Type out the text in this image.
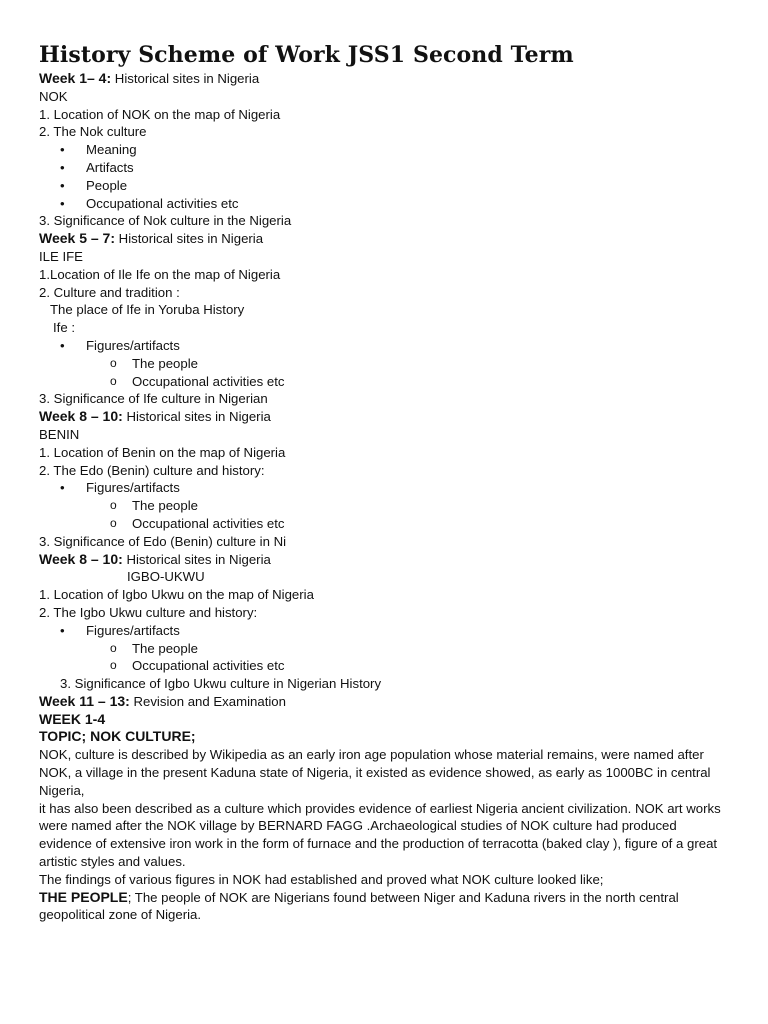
History Scheme of Work JSS1 Second Term
Week 1– 4: Historical sites in Nigeria
NOK
1. Location of NOK on the map of Nigeria
2. The Nok culture
• Meaning
• Artifacts
• People
• Occupational activities etc
3. Significance of Nok culture in the Nigeria
Week 5 – 7: Historical sites in Nigeria
ILE IFE
1.Location of Ile Ife on the map of Nigeria
2. Culture and tradition :
The place of Ife in Yoruba History
Ife :
• Figures/artifacts
o The people
o Occupational activities etc
3. Significance of Ife culture in Nigerian
Week 8 – 10: Historical sites in Nigeria
BENIN
1. Location of Benin on the map of Nigeria
2. The Edo (Benin) culture and history:
• Figures/artifacts
o The people
o Occupational activities etc
3. Significance of Edo (Benin) culture in Ni
Week 8 – 10: Historical sites in Nigeria
IGBO-UKWU
1. Location of Igbo Ukwu on the map of Nigeria
2. The Igbo Ukwu culture and history:
• Figures/artifacts
o The people
o Occupational activities etc
3. Significance of Igbo Ukwu culture in Nigerian History
Week 11 – 13: Revision and Examination
WEEK 1-4
TOPIC; NOK CULTURE;
NOK, culture is described by Wikipedia as an early iron age population whose material remains, were named after NOK, a village in the present Kaduna state of Nigeria, it existed as evidence showed, as early as 1000BC in central Nigeria,
it has also been described as a culture which provides evidence of earliest Nigeria ancient civilization. NOK art works were named after the NOK village by BERNARD FAGG .Archaeological studies of NOK culture had produced evidence of extensive iron work in the form of furnace and the production of terracotta (baked clay ), figure of a great artistic styles and values.
The findings of various figures in NOK had established and proved what NOK culture looked like;
THE PEOPLE; The people of NOK are Nigerians found between Niger and Kaduna rivers in the north central geopolitical zone of Nigeria.
